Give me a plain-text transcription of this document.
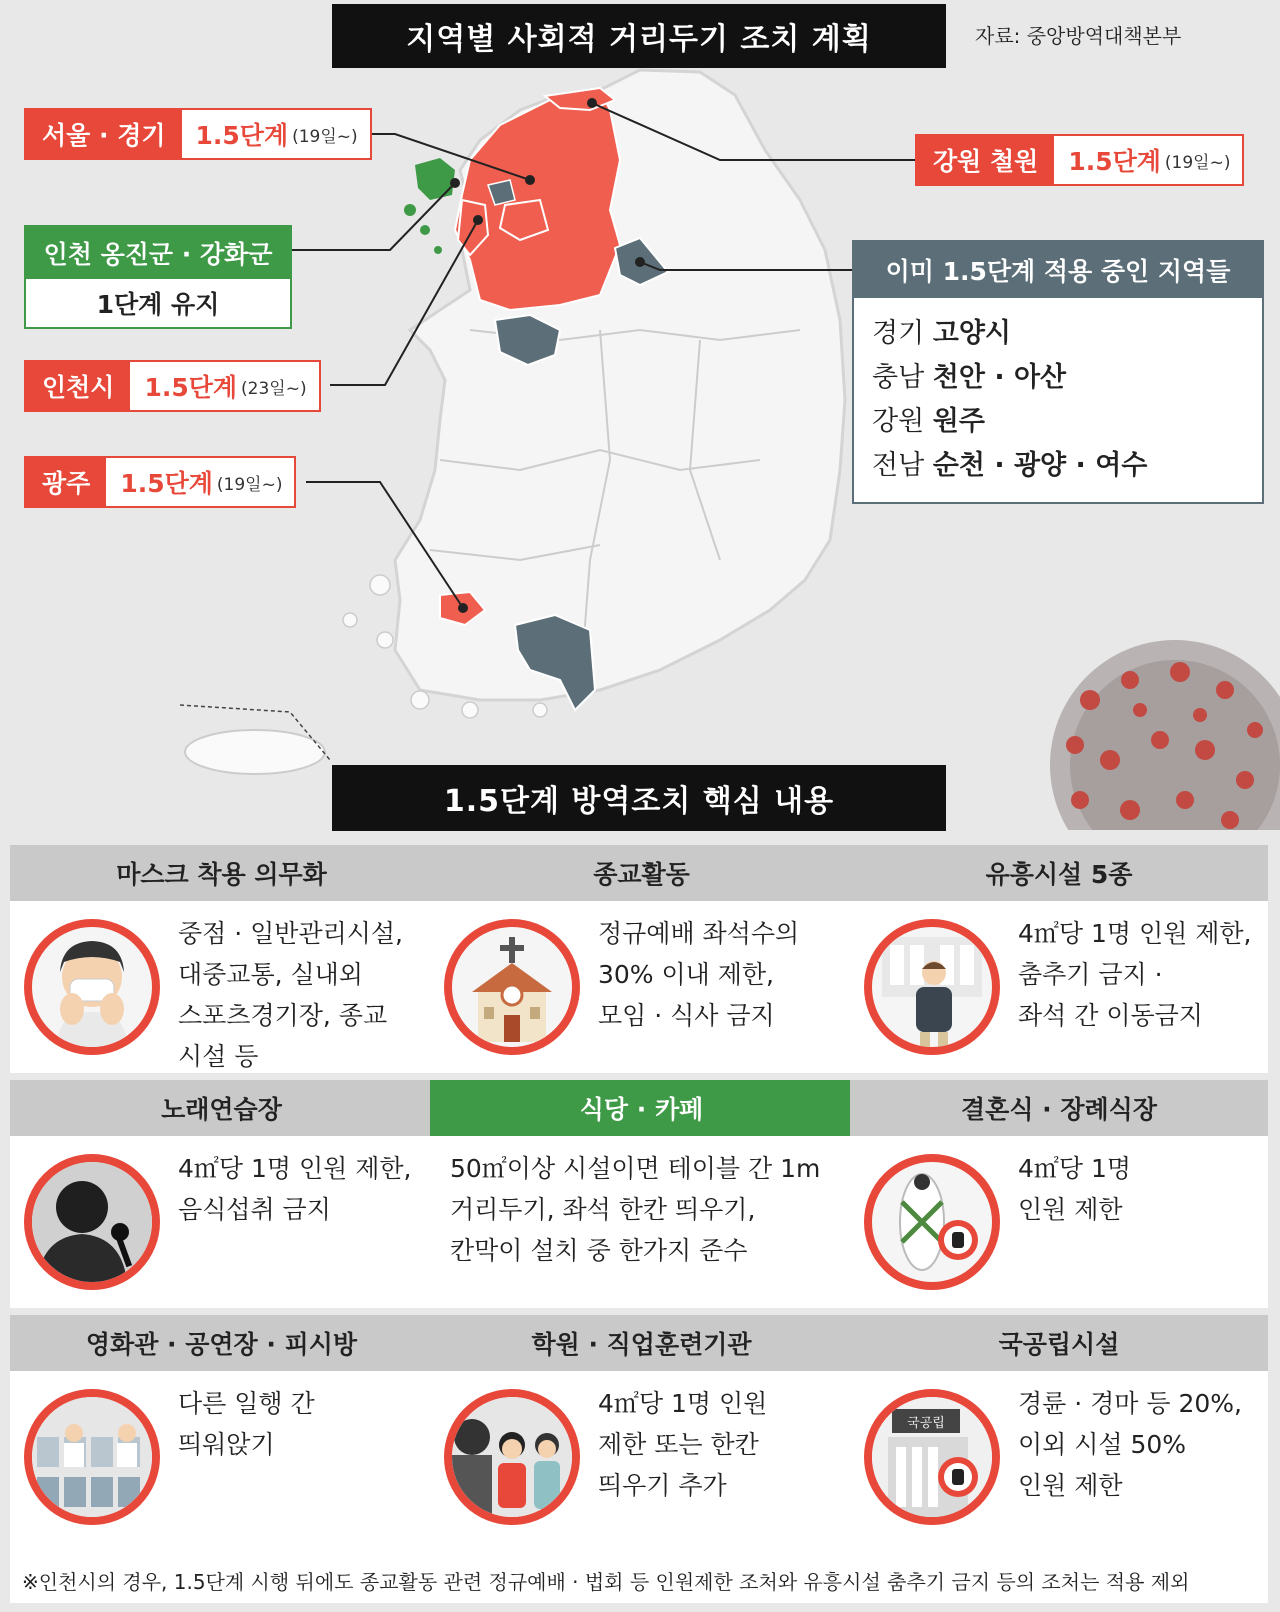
지역별 사회적 거리두기 조치 계획	자료: 중앙방역대책본부
서울 · 경기	1.5단계 (19일~)
강원 철원	1.5단계 (19일~)
인천 옹진군 · 강화군
1단계 유지
인천시	1.5단계 (23일~)
광주	1.5단계 (19일~)
이미 1.5단계 적용 중인 지역들
경기 고양시
충남 천안 · 아산
강원 원주
전남 순천 · 광양 · 여수
1.5단계 방역조치 핵심 내용
마스크 착용 의무화
중점 · 일반관리시설,
대중교통, 실내외
스포츠경기장, 종교
시설 등
종교활동
정규예배 좌석수의
30% 이내 제한,
모임 · 식사 금지
유흥시설 5종
4㎡당 1명 인원 제한,
춤추기 금지 ·
좌석 간 이동금지
노래연습장
4㎡당 1명 인원 제한,
음식섭취 금지
식당 · 카페
50㎡이상 시설이면 테이블 간 1m
거리두기, 좌석 한칸 띄우기,
칸막이 설치 중 한가지 준수
결혼식 · 장례식장
4㎡당 1명
인원 제한
영화관 · 공연장 · 피시방
다른 일행 간
띄워앉기
학원 · 직업훈련기관
4㎡당 1명 인원
제한 또는 한칸
띄우기 추가
국공립시설
국공립
경륜 · 경마 등 20%,
이외 시설 50%
인원 제한
※인천시의 경우, 1.5단계 시행 뒤에도 종교활동 관련 정규예배 · 법회 등 인원제한 조처와 유흥시설 춤추기 금지 등의 조처는 적용 제외
